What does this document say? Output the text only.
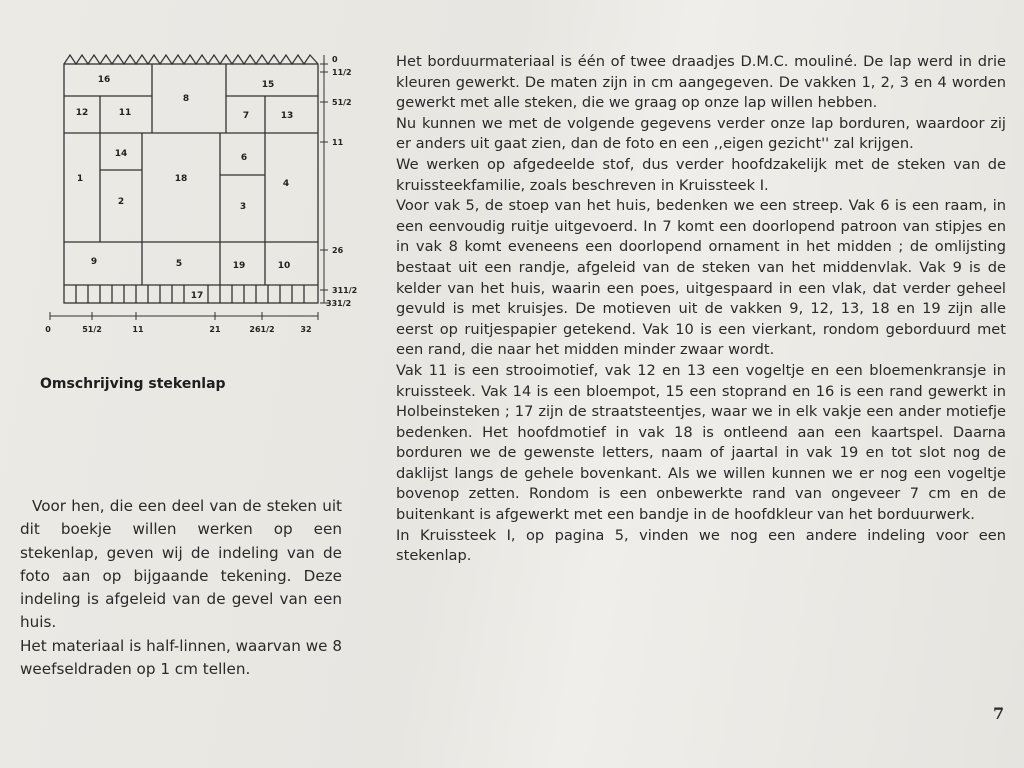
16
8
15
12	11	7	13
14	6
1	18	4
2	3
9	5	19	10
17
0
11/2
51/2
11
26
311/2
331/2
0	51/2	11	21	261/2	32
Omschrijving stekenlap

Voor hen, die een deel van de steken uit dit boekje willen werken op een stekenlap, geven wij de indeling van de foto aan op bijgaande tekening. Deze indeling is afgeleid van de gevel van een huis.

Het materiaal is half-linnen, waarvan we 8 weefseldraden op 1 cm tellen.

Het borduurmateriaal is één of twee draadjes D.M.C. mouliné. De lap werd in drie kleuren gewerkt. De maten zijn in cm aangegeven. De vakken 1, 2, 3 en 4 worden gewerkt met alle steken, die we graag op onze lap willen hebben.

Nu kunnen we met de volgende gegevens verder onze lap borduren, waardoor zij er anders uit gaat zien, dan de foto en een ,,eigen gezicht'' zal krijgen.

We werken op afgedeelde stof, dus verder hoofdzakelijk met de steken van de kruissteekfamilie, zoals beschreven in Kruissteek I.

Voor vak 5, de stoep van het huis, bedenken we een streep. Vak 6 is een raam, in een eenvoudig ruitje uitgevoerd. In 7 komt een doorlopend patroon van stipjes en in vak 8 komt eveneens een doorlopend ornament in het midden ; de omlijsting bestaat uit een randje, afgeleid van de steken van het middenvlak. Vak 9 is de kelder van het huis, waarin een poes, uitgespaard in een vlak, dat verder geheel gevuld is met kruisjes. De motieven uit de vakken 9, 12, 13, 18 en 19 zijn alle eerst op ruitjespapier getekend. Vak 10 is een vierkant, rondom geborduurd met een rand, die naar het midden minder zwaar wordt.

Vak 11 is een strooimotief, vak 12 en 13 een vogeltje en een bloemenkransje in kruissteek. Vak 14 is een bloempot, 15 een stoprand en 16 is een rand gewerkt in Holbeinsteken ; 17 zijn de straatsteentjes, waar we in elk vakje een ander motiefje bedenken. Het hoofdmotief in vak 18 is ontleend aan een kaartspel. Daarna borduren we de gewenste letters, naam of jaartal in vak 19 en tot slot nog de daklijst langs de gehele bovenkant. Als we willen kunnen we er nog een vogeltje bovenop zetten. Rondom is een onbewerkte rand van ongeveer 7 cm en de buitenkant is afgewerkt met een bandje in de hoofdkleur van het borduurwerk.

In Kruissteek I, op pagina 5, vinden we nog een andere indeling voor een stekenlap.

7
